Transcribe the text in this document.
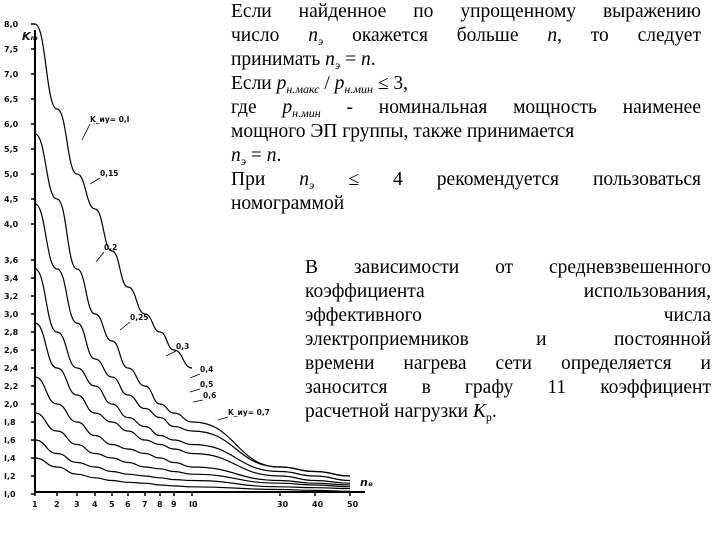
8,0
7,5
7,0
6,5
6,0
5,5
5,0
4,5
4,0
3,6
3,4
3,2
3,0
2,8
2,6
2,4
2,2
2,0
I,8
I,6
I,4
I,2
I,0
1 2 3 4 5 6 7 8 9 I0	30	40	50
Kₘ
nₑ
K_иу= 0,I
0,15
0,2
0,25
0,3
0,4
0,5
0,6
K_иу= 0,7
Если найденное по упрощенному выражению
число $n_э$ окажется больше n, то следует
принимать $n_э = n$.
Если $р_{н.макс} / р_{н.мин} \le 3$,
где $р_{н.мин}$ - номинальная мощность наименее
мощного ЭП группы, также принимается
$n_э = n$.
При $n_э \le 4$ рекомендуется пользоваться
номограммой
В зависимости от средневзвешенного
коэффициента использования,
эффективного числа
электроприемников и постоянной
времени нагрева сети определяется и
заносится в графу 11 коэффициент
расчетной нагрузки $К_р$.
